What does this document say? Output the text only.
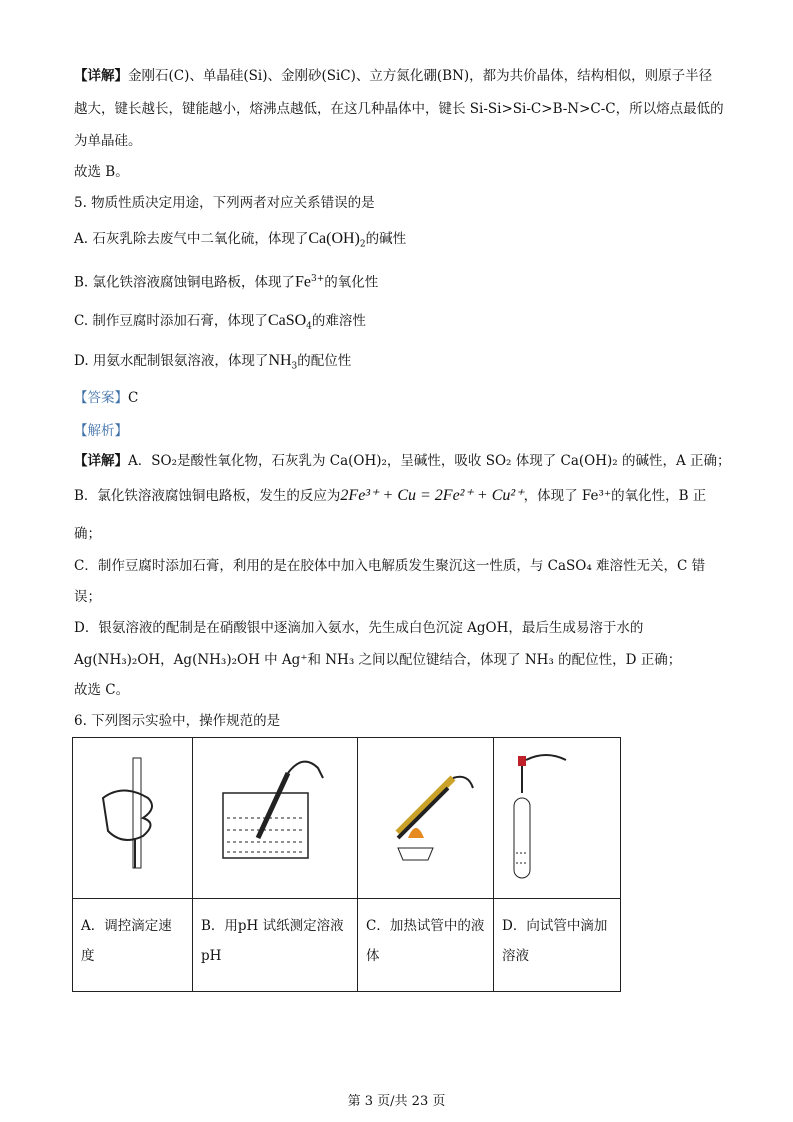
【详解】金刚石(C)、单晶硅(Si)、金刚砂(SiC)、立方氮化硼(BN)，都为共价晶体，结构相似，则原子半径
越大，键长越长，键能越小，熔沸点越低，在这几种晶体中，键长 Si-Si>Si-C>B-N>C-C，所以熔点最低的
为单晶硅。
故选 B。
5. 物质性质决定用途，下列两者对应关系错误的是
A. 石灰乳除去废气中二氧化硫，体现了$Ca(OH)_2$的碱性
B. 氯化铁溶液腐蚀铜电路板，体现了$Fe^{3+}$的氧化性
C. 制作豆腐时添加石膏，体现了CaSO$_4$的难溶性
D. 用氨水配制银氨溶液，体现了$NH_3$的配位性
【答案】C
【解析】
【详解】A．SO₂是酸性氧化物，石灰乳为 Ca(OH)₂，呈碱性，吸收 SO₂ 体现了 Ca(OH)₂ 的碱性，A 正确；
B．氯化铁溶液腐蚀铜电路板，发生的反应为2Fe³⁺ + Cu = 2Fe²⁺ + Cu²⁺，体现了 Fe³⁺的氧化性，B 正
确；
C．制作豆腐时添加石膏，利用的是在胶体中加入电解质发生聚沉这一性质，与 CaSO₄ 难溶性无关，C 错
误；
D．银氨溶液的配制是在硝酸银中逐滴加入氨水，先生成白色沉淀 AgOH，最后生成易溶于水的
Ag(NH₃)₂OH，Ag(NH₃)₂OH 中 Ag⁺和 NH₃ 之间以配位键结合，体现了 NH₃ 的配位性，D 正确；
故选 C。
6. 下列图示实验中，操作规范的是

A．调控滴定速度	B．用pH 试纸测定溶液pH	C．加热试管中的液体	D．向试管中滴加溶液
第 3 页/共 23 页
